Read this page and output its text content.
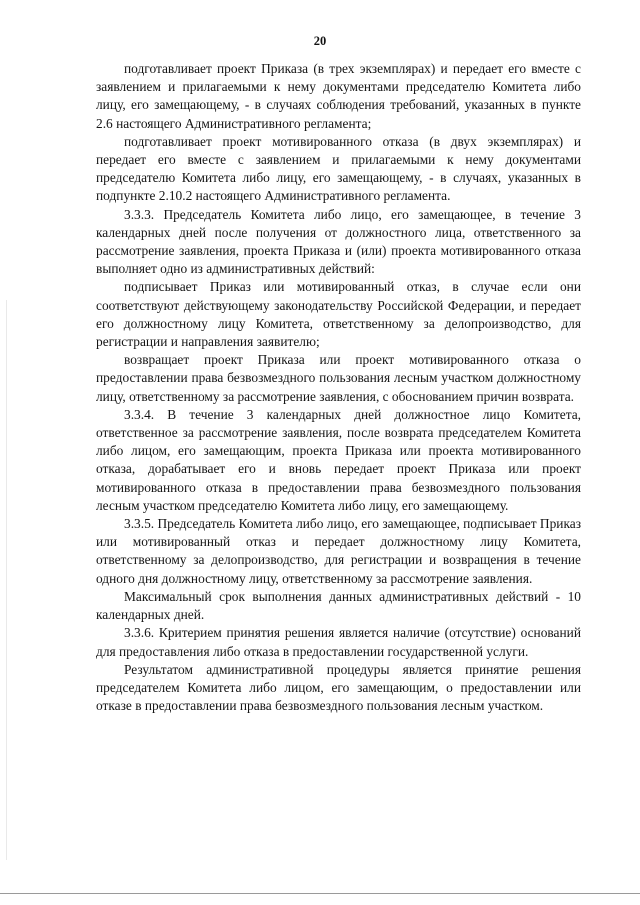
20

подготавливает проект Приказа (в трех экземплярах) и передает его вместе с заявлением и прилагаемыми к нему документами председателю Комитета либо лицу, его замещающему, - в случаях соблюдения требований, указанных в пункте 2.6 настоящего Административного регламента;

подготавливает проект мотивированного отказа (в двух экземплярах) и передает его вместе с заявлением и прилагаемыми к нему документами председателю Комитета либо лицу, его замещающему, - в случаях, указанных в подпункте 2.10.2 настоящего Административного регламента.

3.3.3. Председатель Комитета либо лицо, его замещающее, в течение 3 календарных дней после получения от должностного лица, ответственного за рассмотрение заявления, проекта Приказа и (или) проекта мотивированного отказа выполняет одно из административных действий:

подписывает Приказ или мотивированный отказ, в случае если они соответствуют действующему законодательству Российской Федерации, и передает его должностному лицу Комитета, ответственному за делопроизводство, для регистрации и направления заявителю;

возвращает проект Приказа или проект мотивированного отказа о предоставлении права безвозмездного пользования лесным участком должностному лицу, ответственному за рассмотрение заявления, с обоснованием причин возврата.

3.3.4. В течение 3 календарных дней должностное лицо Комитета, ответственное за рассмотрение заявления, после возврата председателем Комитета либо лицом, его замещающим, проекта Приказа или проекта мотивированного отказа, дорабатывает его и вновь передает проект Приказа или проект мотивированного отказа в предоставлении права безвозмездного пользования лесным участком председателю Комитета либо лицу, его замещающему.

3.3.5. Председатель Комитета либо лицо, его замещающее, подписывает Приказ или мотивированный отказ и передает должностному лицу Комитета, ответственному за делопроизводство, для регистрации и возвращения в течение одного дня должностному лицу, ответственному за рассмотрение заявления.

Максимальный срок выполнения данных административных действий - 10 календарных дней.

3.3.6. Критерием принятия решения является наличие (отсутствие) оснований для предоставления либо отказа в предоставлении государственной услуги.

Результатом административной процедуры является принятие решения председателем Комитета либо лицом, его замещающим, о предоставлении или отказе в предоставлении права безвозмездного пользования лесным участком.
